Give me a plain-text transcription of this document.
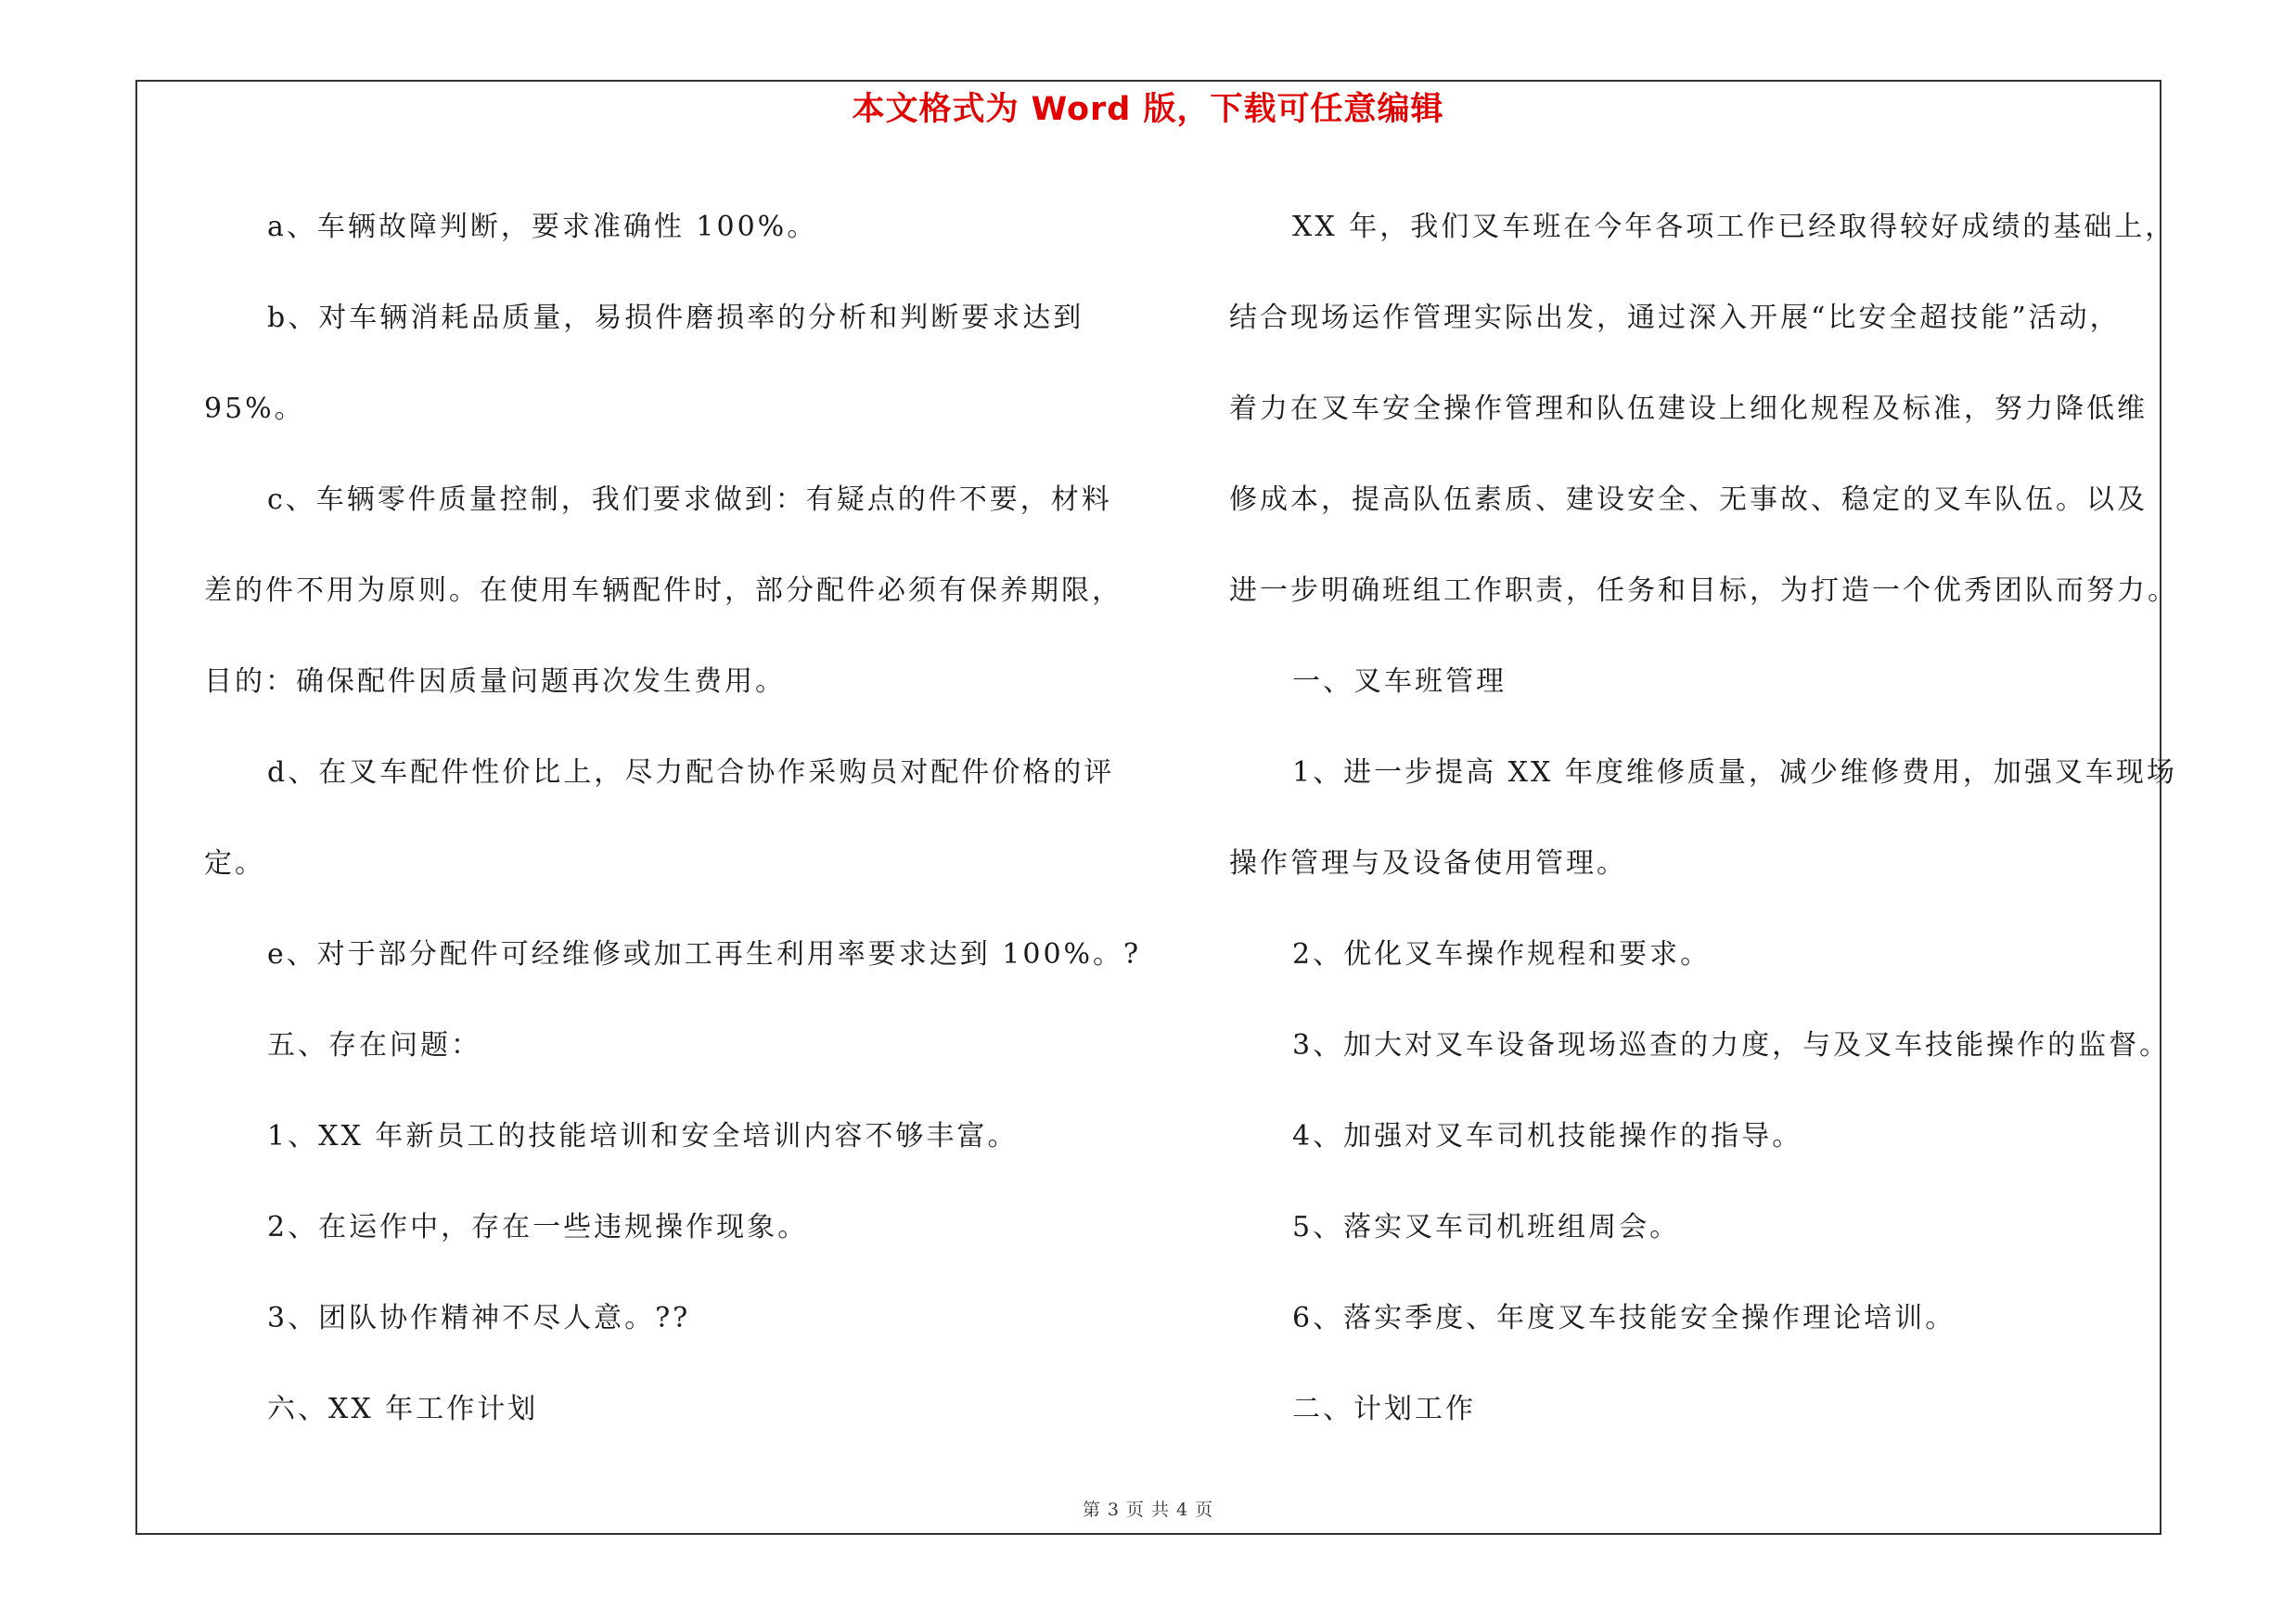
本文格式为 Word 版，下载可任意编辑

a、车辆故障判断，要求准确性 100%。

b、对车辆消耗品质量，易损件磨损率的分析和判断要求达到

95%。

c、车辆零件质量控制，我们要求做到：有疑点的件不要，材料

差的件不用为原则。在使用车辆配件时，部分配件必须有保养期限，

目的：确保配件因质量问题再次发生费用。

d、在叉车配件性价比上，尽力配合协作采购员对配件价格的评

定。

e、对于部分配件可经维修或加工再生利用率要求达到 100%。?

五、存在问题：

1、XX 年新员工的技能培训和安全培训内容不够丰富。

2、在运作中，存在一些违规操作现象。

3、团队协作精神不尽人意。??

六、XX 年工作计划

XX 年，我们叉车班在今年各项工作已经取得较好成绩的基础上，

结合现场运作管理实际出发，通过深入开展“比安全超技能”活动，

着力在叉车安全操作管理和队伍建设上细化规程及标准，努力降低维

修成本，提高队伍素质、建设安全、无事故、稳定的叉车队伍。以及

进一步明确班组工作职责，任务和目标，为打造一个优秀团队而努力。

一、叉车班管理

1、进一步提高 XX 年度维修质量，减少维修费用，加强叉车现场

操作管理与及设备使用管理。

2、优化叉车操作规程和要求。

3、加大对叉车设备现场巡查的力度，与及叉车技能操作的监督。

4、加强对叉车司机技能操作的指导。

5、落实叉车司机班组周会。

6、落实季度、年度叉车技能安全操作理论培训。

二、计划工作

第 3 页 共 4 页
